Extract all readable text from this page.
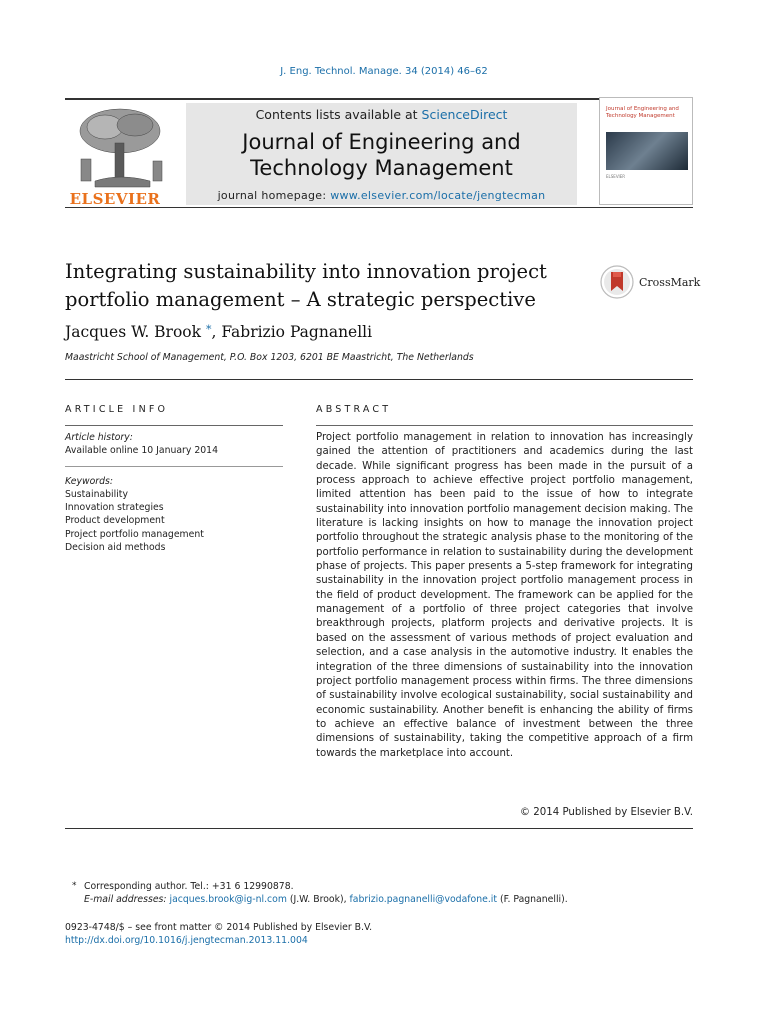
J. Eng. Technol. Manage. 34 (2014) 46–62
ELSEVIER
Contents lists available at ScienceDirect
Journal of Engineering and
Technology Management
journal homepage: www.elsevier.com/locate/jengtecman
Journal of Engineering and Technology Management
ELSEVIER
Integrating sustainability into innovation project
portfolio management – A strategic perspective
CrossMark
Jacques W. Brook *, Fabrizio Pagnanelli
Maastricht School of Management, P.O. Box 1203, 6201 BE Maastricht, The Netherlands
ARTICLE INFO	ABSTRACT
Article history:
Available online 10 January 2014
Keywords:
Sustainability
Innovation strategies
Product development
Project portfolio management
Decision aid methods
Project portfolio management in relation to innovation has increasingly gained the attention of practitioners and academics during the last decade. While significant progress has been made in the pursuit of a process approach to achieve effective project portfolio management, limited attention has been paid to the issue of how to integrate sustainability into innovation portfolio management decision making. The literature is lacking insights on how to manage the innovation project portfolio throughout the strategic analysis phase to the monitoring of the portfolio performance in relation to sustainability during the development phase of projects. This paper presents a 5-step framework for integrating sustainability in the innovation project portfolio management process in the field of product development. The framework can be applied for the management of a portfolio of three project categories that involve breakthrough projects, platform projects and derivative projects. It is based on the assessment of various methods of project evaluation and selection, and a case analysis in the automotive industry. It enables the integration of the three dimensions of sustainability into the innovation project portfolio management process within firms. The three dimensions of sustainability involve ecological sustainability, social sustainability and economic sustainability. Another benefit is enhancing the ability of firms to achieve an effective balance of investment between the three dimensions of sustainability, taking the competitive approach of a firm towards the marketplace into account.
© 2014 Published by Elsevier B.V.
* Corresponding author. Tel.: +31 6 12990878.
E-mail addresses: jacques.brook@ig-nl.com (J.W. Brook), fabrizio.pagnanelli@vodafone.it (F. Pagnanelli).
0923-4748/$ – see front matter © 2014 Published by Elsevier B.V.
http://dx.doi.org/10.1016/j.jengtecman.2013.11.004
